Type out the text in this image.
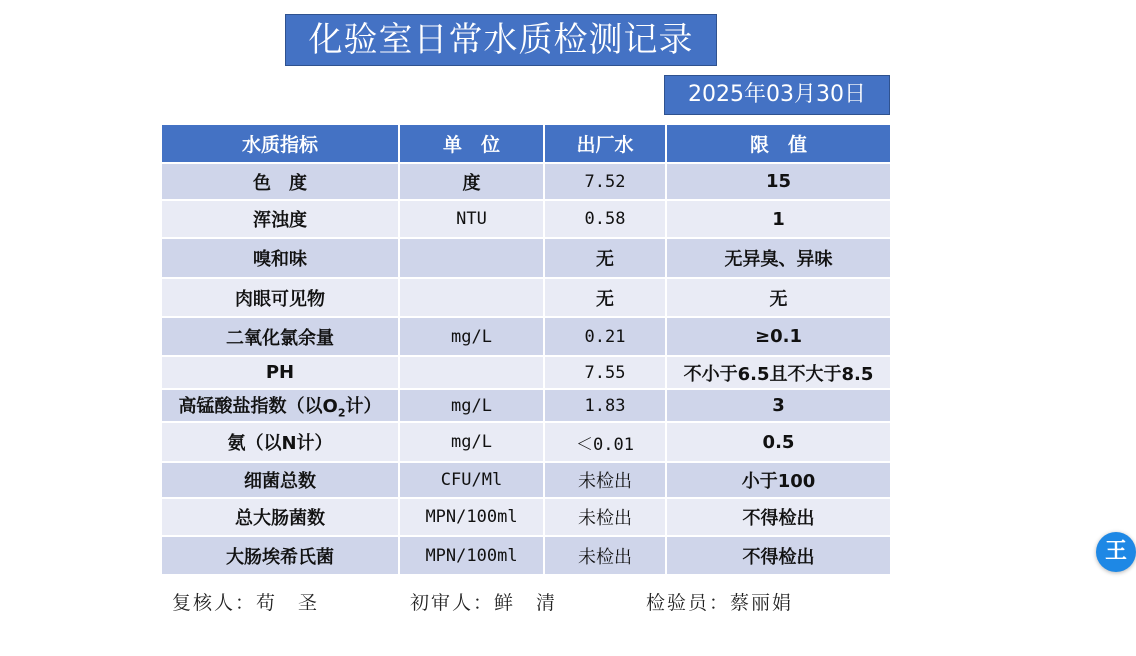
化验室日常水质检测记录
2025年03月30日
水质指标	单　位	出厂水	限　值
色　度	度	7.52	15
浑浊度	NTU	0.58	1
嗅和味		无	无异臭、异味
肉眼可见物		无	无
二氧化氯余量	mg/L	0.21	≥0.1
PH		7.55	不小于6.5且不大于8.5
高锰酸盐指数（以$O_2$计）	mg/L	1.83	3
氨（以N计）	mg/L	＜0.01	0.5
细菌总数	CFU/Ml	未检出	小于100
总大肠菌数	MPN/100ml	未检出	不得检出
大肠埃希氏菌	MPN/100ml	未检出	不得检出
复核人：苟　圣	初审人：鲜　清	检验员：蔡丽娟
王
